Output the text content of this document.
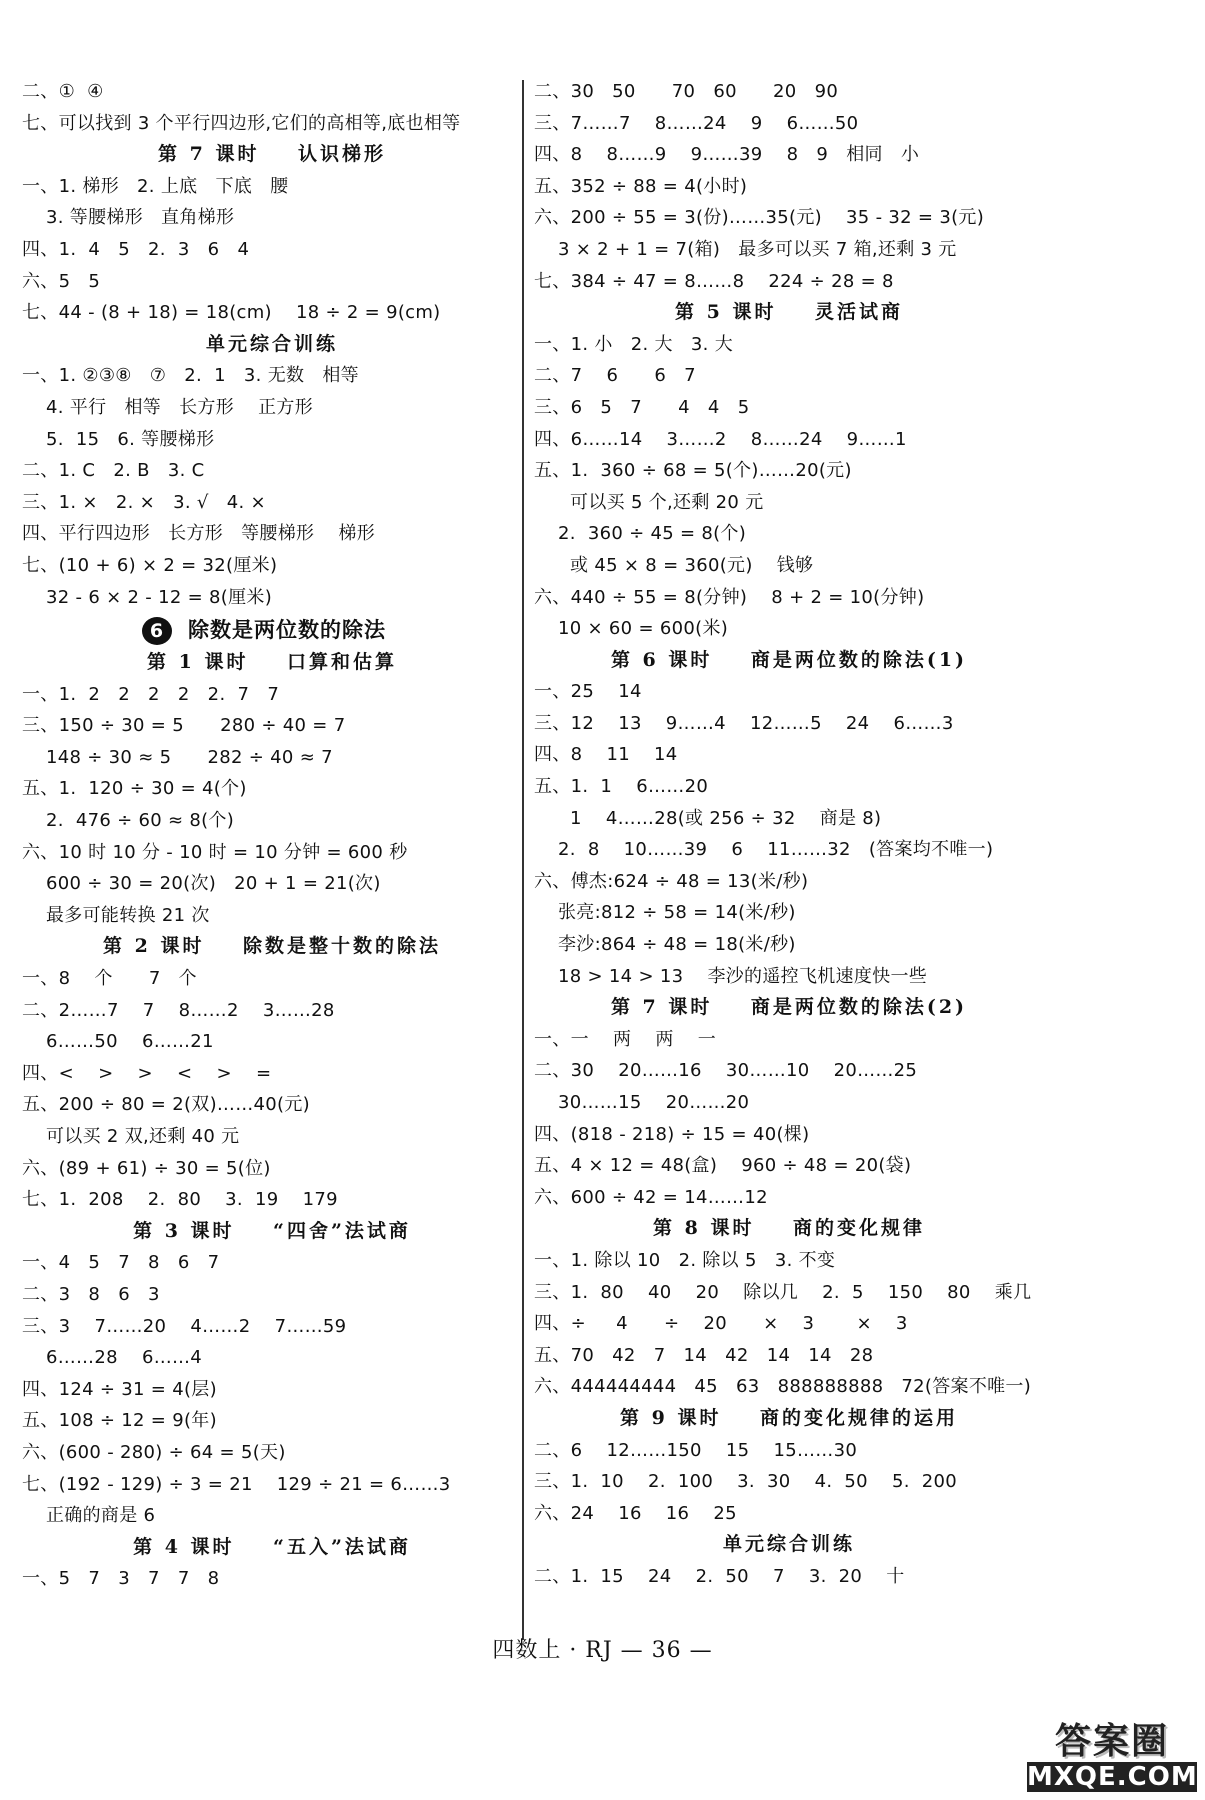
二、①  ④
七、可以找到 3 个平行四边形,它们的高相等,底也相等
第 7 课时    认识梯形
一、1. 梯形   2. 上底   下底   腰
3. 等腰梯形   直角梯形
四、1.  4   5   2.  3   6   4
六、5   5
七、44 - (8 + 18) = 18(cm)    18 ÷ 2 = 9(cm)
单元综合训练
一、1. ②③⑧   ⑦   2.  1   3. 无数   相等
4. 平行   相等   长方形    正方形
5.  15   6. 等腰梯形
二、1. C   2. B   3. C
三、1. ×   2. ×   3. √   4. ×
四、平行四边形   长方形   等腰梯形    梯形
七、(10 + 6) × 2 = 32(厘米)
32 - 6 × 2 - 12 = 8(厘米)
6 除数是两位数的除法
第 1 课时    口算和估算
一、1.  2   2   2   2   2.  7   7
三、150 ÷ 30 = 5      280 ÷ 40 = 7
148 ÷ 30 ≈ 5      282 ÷ 40 ≈ 7
五、1.  120 ÷ 30 = 4(个)
2.  476 ÷ 60 ≈ 8(个)
六、10 时 10 分 - 10 时 = 10 分钟 = 600 秒
600 ÷ 30 = 20(次)   20 + 1 = 21(次)
最多可能转换 21 次
第 2 课时    除数是整十数的除法
一、8    个      7   个
二、2……7    7    8……2    3……28
6……50    6……21
四、<    >    >    <    >    =
五、200 ÷ 80 = 2(双)……40(元)
可以买 2 双,还剩 40 元
六、(89 + 61) ÷ 30 = 5(位)
七、1.  208    2.  80    3.  19    179
第 3 课时    “四舍”法试商
一、4   5   7   8   6   7
二、3   8   6   3
三、3    7……20    4……2    7……59
6……28    6……4
四、124 ÷ 31 = 4(层)
五、108 ÷ 12 = 9(年)
六、(600 - 280) ÷ 64 = 5(天)
七、(192 - 129) ÷ 3 = 21    129 ÷ 21 = 6……3
正确的商是 6
第 4 课时    “五入”法试商
一、5   7   3   7   7   8
二、30   50      70   60      20   90
三、7……7    8……24    9    6……50
四、8    8……9    9……39    8   9   相同   小
五、352 ÷ 88 = 4(小时)
六、200 ÷ 55 = 3(份)……35(元)    35 - 32 = 3(元)
3 × 2 + 1 = 7(箱)   最多可以买 7 箱,还剩 3 元
七、384 ÷ 47 = 8……8    224 ÷ 28 = 8
第 5 课时    灵活试商
一、1. 小   2. 大   3. 大
二、7    6      6   7
三、6   5   7      4   4   5
四、6……14    3……2    8……24    9……1
五、1.  360 ÷ 68 = 5(个)……20(元)
可以买 5 个,还剩 20 元
2.  360 ÷ 45 = 8(个)
或 45 × 8 = 360(元)    钱够
六、440 ÷ 55 = 8(分钟)    8 + 2 = 10(分钟)
10 × 60 = 600(米)
第 6 课时    商是两位数的除法(1)
一、25    14
三、12    13    9……4    12……5    24    6……3
四、8    11    14
五、1.  1    6……20
1    4……28(或 256 ÷ 32    商是 8)
2.  8    10……39    6    11……32   (答案均不唯一)
六、傅杰:624 ÷ 48 = 13(米/秒)
张亮:812 ÷ 58 = 14(米/秒)
李沙:864 ÷ 48 = 18(米/秒)
18 > 14 > 13    李沙的遥控飞机速度快一些
第 7 课时    商是两位数的除法(2)
一、一    两    两    一
二、30    20……16    30……10    20……25
30……15    20……20
四、(818 - 218) ÷ 15 = 40(棵)
五、4 × 12 = 48(盒)    960 ÷ 48 = 20(袋)
六、600 ÷ 42 = 14……12
第 8 课时    商的变化规律
一、1. 除以 10   2. 除以 5   3. 不变
三、1.  80    40    20    除以几    2.  5    150    80    乘几
四、÷     4      ÷    20      ×    3       ×    3
五、70   42   7   14   42   14   14   28
六、444444444   45   63   888888888   72(答案不唯一)
第 9 课时    商的变化规律的运用
二、6    12……150    15    15……30
三、1.  10    2.  100    3.  30    4.  50    5.  200
六、24    16    16    25
单元综合训练
二、1.  15    24    2.  50    7    3.  20    十
四数上 · RJ — 36 —
答案圈
MXQE.COM
